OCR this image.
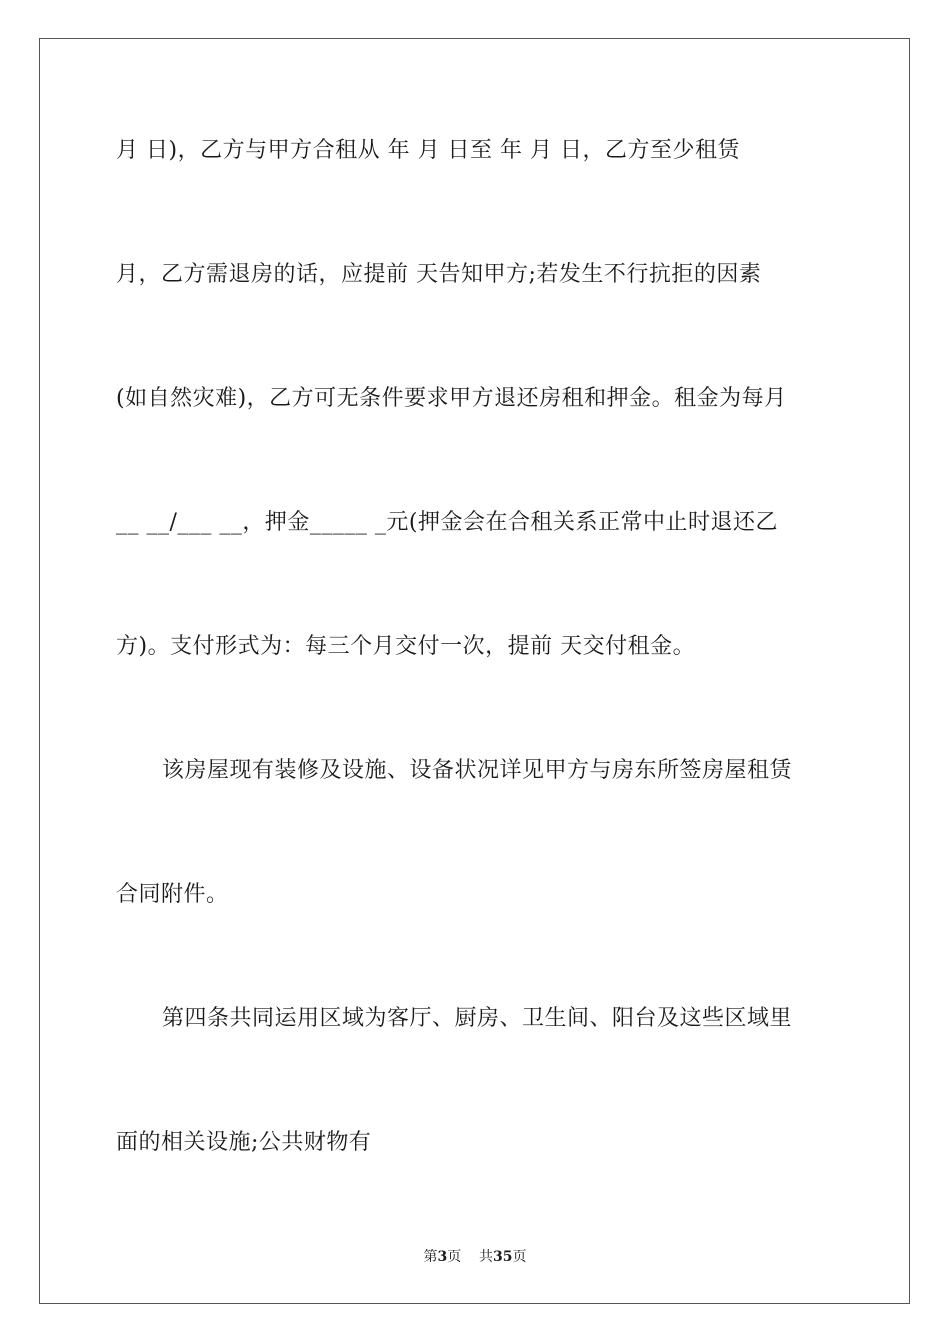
月 日)，乙方与甲方合租从 年 月 日至 年 月 日，乙方至少租赁
月，乙方需退房的话，应提前 天告知甲方;若发生不行抗拒的因素
(如自然灾难)，乙方可无条件要求甲方退还房租和押金。租金为每月
__ __/___ __，押金_____ _元(押金会在合租关系正常中止时退还乙
方)。支付形式为：每三个月交付一次，提前 天交付租金。
该房屋现有装修及设施、设备状况详见甲方与房东所签房屋租赁
合同附件。
第四条共同运用区域为客厅、厨房、卫生间、阳台及这些区域里
面的相关设施;公共财物有
第3页 共35页
